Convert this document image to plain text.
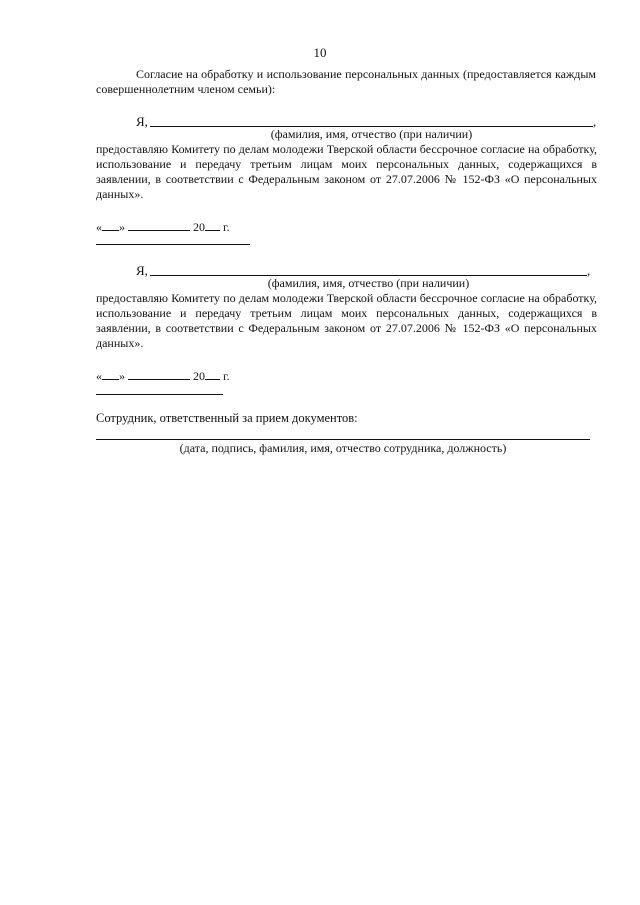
10
Согласие на обработку и использование персональных данных (предоставляется каждым совершеннолетним членом семьи):
Я,	,
(фамилия, имя, отчество (при наличии)
предоставляю Комитету по делам молодежи Тверской области бессрочное согласие на обработку, использование и передачу третьим лицам моих персональных данных, содержащихся в заявлении, в соответствии с Федеральным законом от 27.07.2006 № 152-ФЗ «О персональных данных».
« »	20 г.
Я,	,
(фамилия, имя, отчество (при наличии)
предоставляю Комитету по делам молодежи Тверской области бессрочное согласие на обработку, использование и передачу третьим лицам моих персональных данных, содержащихся в заявлении, в соответствии с Федеральным законом от 27.07.2006 № 152-ФЗ «О персональных данных».
« »	20 г.
Сотрудник, ответственный за прием документов:
(дата, подпись, фамилия, имя, отчество сотрудника, должность)
